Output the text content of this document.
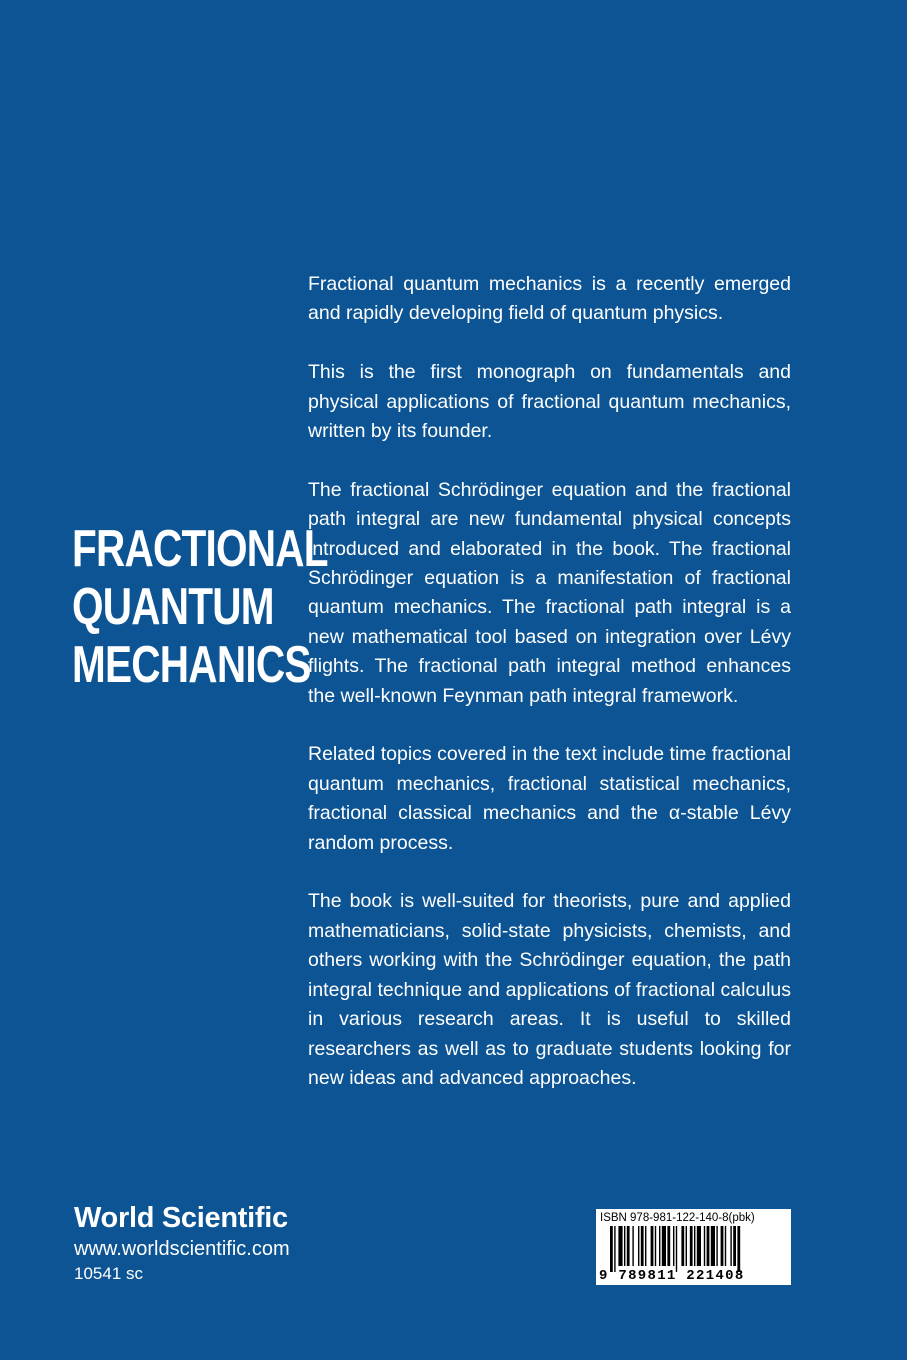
FRACTIONAL
QUANTUM
MECHANICS

Fractional quantum mechanics is a recently emerged and rapidly developing field of quantum physics.

This is the first monograph on fundamentals and physical applications of fractional quantum mechanics, written by its founder.

The fractional Schrödinger equation and the fractional path integral are new fundamental physical concepts introduced and elaborated in the book. The fractional Schrödinger equation is a manifestation of fractional quantum mechanics. The fractional path integral is a new mathematical tool based on integration over Lévy flights. The fractional path integral method enhances the well-known Feynman path integral framework.

Related topics covered in the text include time fractional quantum mechanics, fractional statistical mechanics, fractional classical mechanics and the α-stable Lévy random process.

The book is well-suited for theorists, pure and applied mathematicians, solid-state physicists, chemists, and others working with the Schrödinger equation, the path integral technique and applications of fractional calculus in various research areas. It is useful to skilled researchers as well as to graduate students looking for new ideas and advanced approaches.

World Scientific
www.worldscientific.com
10541 sc
ISBN 978-981-122-140-8(pbk)
9 789811 221408
